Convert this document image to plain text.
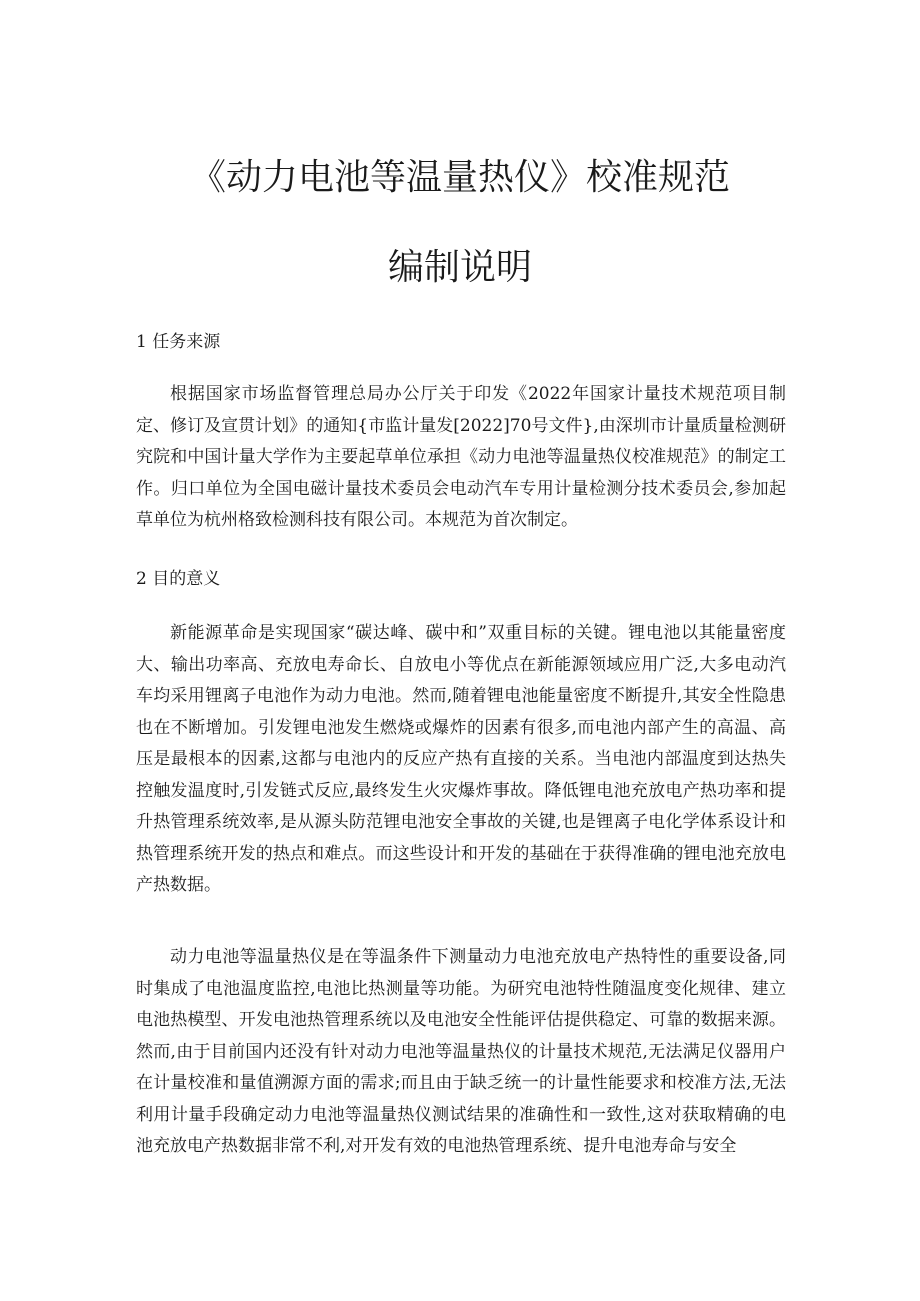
《动力电池等温量热仪》校准规范
编制说明

1 任务来源

根据国家市场监督管理总局办公厅关于印发《2022年国家计量技术规范项目制定、修订及宣贯计划》的通知{市监计量发[2022]70号文件},由深圳市计量质量检测研究院和中国计量大学作为主要起草单位承担《动力电池等温量热仪校准规范》的制定工作。归口单位为全国电磁计量技术委员会电动汽车专用计量检测分技术委员会,参加起草单位为杭州格致检测科技有限公司。本规范为首次制定。

2 目的意义

新能源革命是实现国家“碳达峰、碳中和”双重目标的关键。锂电池以其能量密度大、输出功率高、充放电寿命长、自放电小等优点在新能源领域应用广泛,大多电动汽车均采用锂离子电池作为动力电池。然而,随着锂电池能量密度不断提升,其安全性隐患也在不断增加。引发锂电池发生燃烧或爆炸的因素有很多,而电池内部产生的高温、高压是最根本的因素,这都与电池内的反应产热有直接的关系。当电池内部温度到达热失控触发温度时,引发链式反应,最终发生火灾爆炸事故。降低锂电池充放电产热功率和提升热管理系统效率,是从源头防范锂电池安全事故的关键,也是锂离子电化学体系设计和热管理系统开发的热点和难点。而这些设计和开发的基础在于获得准确的锂电池充放电产热数据。

动力电池等温量热仪是在等温条件下测量动力电池充放电产热特性的重要设备,同时集成了电池温度监控,电池比热测量等功能。为研究电池特性随温度变化规律、建立电池热模型、开发电池热管理系统以及电池安全性能评估提供稳定、可靠的数据来源。然而,由于目前国内还没有针对动力电池等温量热仪的计量技术规范,无法满足仪器用户在计量校准和量值溯源方面的需求;而且由于缺乏统一的计量性能要求和校准方法,无法利用计量手段确定动力电池等温量热仪测试结果的准确性和一致性,这对获取精确的电池充放电产热数据非常不利,对开发有效的电池热管理系统、提升电池寿命与安全
